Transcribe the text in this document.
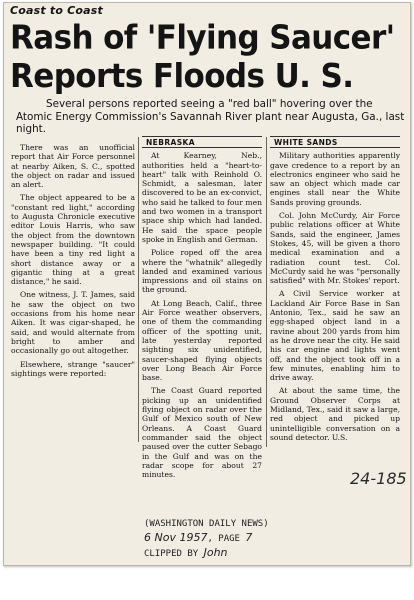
Coast to Coast
Rash of 'Flying Saucer' Reports Floods U. S.
Several persons reported seeing a "red ball" hovering over the Atomic Energy Commission's Savannah River plant near Augusta, Ga., last night.

There was an unofficial report that Air Force personnel at nearby Aiken, S. C., spotted the object on radar and issued an alert.

The object appeared to be a "constant red light," according to Augusta Chronicle executive editor Louis Harris, who saw the object from the downtown newspaper building. "It could have been a tiny red light a short distance away or a gigantic thing at a great distance," he said.

One witness, J. T. James, said he saw the object on two occasions from his home near Aiken. It was cigar-shaped, he said, and would alternate from bright to amber and occasionally go out altogether.

Elsewhere, strange "saucer" sightings were reported:

NEBRASKA

At Kearney, Neb., authorities held a "heart-to-heart" talk with Reinhold O. Schmidt, a salesman, later discovered to be an ex-convict, who said he talked to four men and two women in a transport space ship which had landed. He said the space people spoke in English and German.

Police roped off the area where the "whatnik" allegedly landed and examined various impressions and oil stains on the ground.

At Long Beach, Calif., three Air Force weather observers, one of them the commanding officer of the spotting unit, late yesterday reported sighting six unidentified, saucer-shaped flying objects over Long Beach Air Force base.

The Coast Guard reported picking up an unidentified flying object on radar over the Gulf of Mexico south of New Orleans. A Coast Guard commander said the object paused over the cutter Sebago in the Gulf and was on the radar scope for about 27 minutes.

WHITE SANDS

Military authorities apparently gave credence to a report by an electronics engineer who said he saw an object which made car engines stall near the White Sands proving grounds.

Col. John McCurdy, Air Force public relations officer at White Sands, said the engineer, James Stokes, 45, will be given a thoro medical examination and a radiation count test. Col. McCurdy said he was "personally satisfied" with Mr. Stokes' report.

A Civil Service worker at Lackland Air Force Base in San Antonio, Tex., said he saw an egg-shaped object land in a ravine about 200 yards from him as he drove near the city. He said his car engine and lights went off, and the object took off in a few minutes, enabling him to drive away.

At about the same time, the Ground Observer Corps at Midland, Tex., said it saw a large, red object and picked up unintelligible conversation on a sound detector. U.S.

24-185
(WASHINGTON DAILY NEWS)
6 Nov 1957, PAGE 7
CLIPPED BY John
